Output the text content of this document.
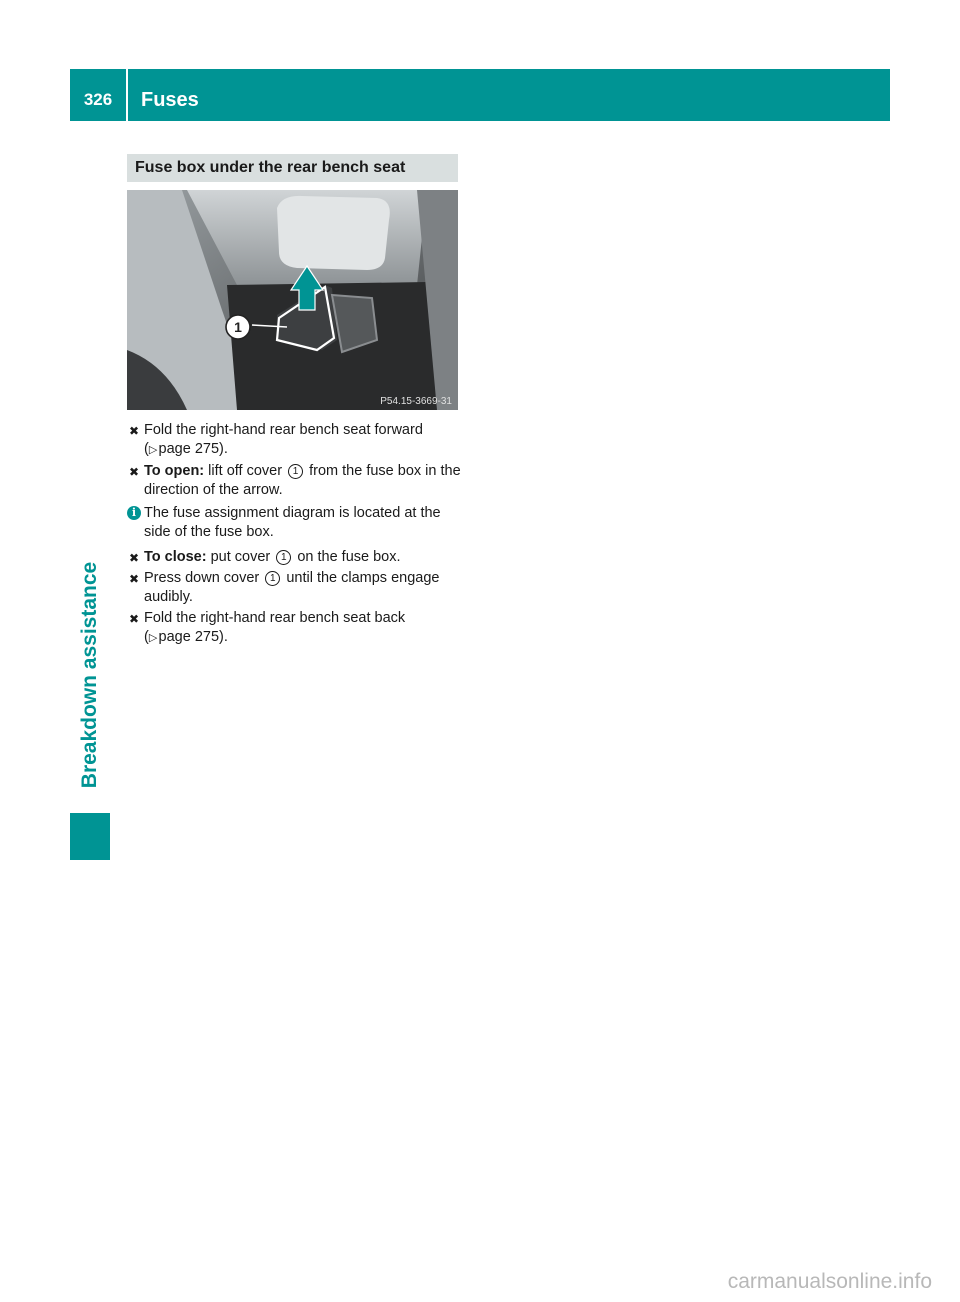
326	Fuses
Breakdown assistance
Fuse box under the rear bench seat
1
P54.15-3669-31
✖ Fold the right-hand rear bench seat forward
(▷ page 275).
✖ To open: lift off cover 1 from the fuse box in the direction of the arrow.
i The fuse assignment diagram is located at the side of the fuse box.
✖ To close: put cover 1 on the fuse box.
✖ Press down cover 1 until the clamps engage audibly.
✖ Fold the right-hand rear bench seat back
(▷ page 275).
carmanualsonline.info
